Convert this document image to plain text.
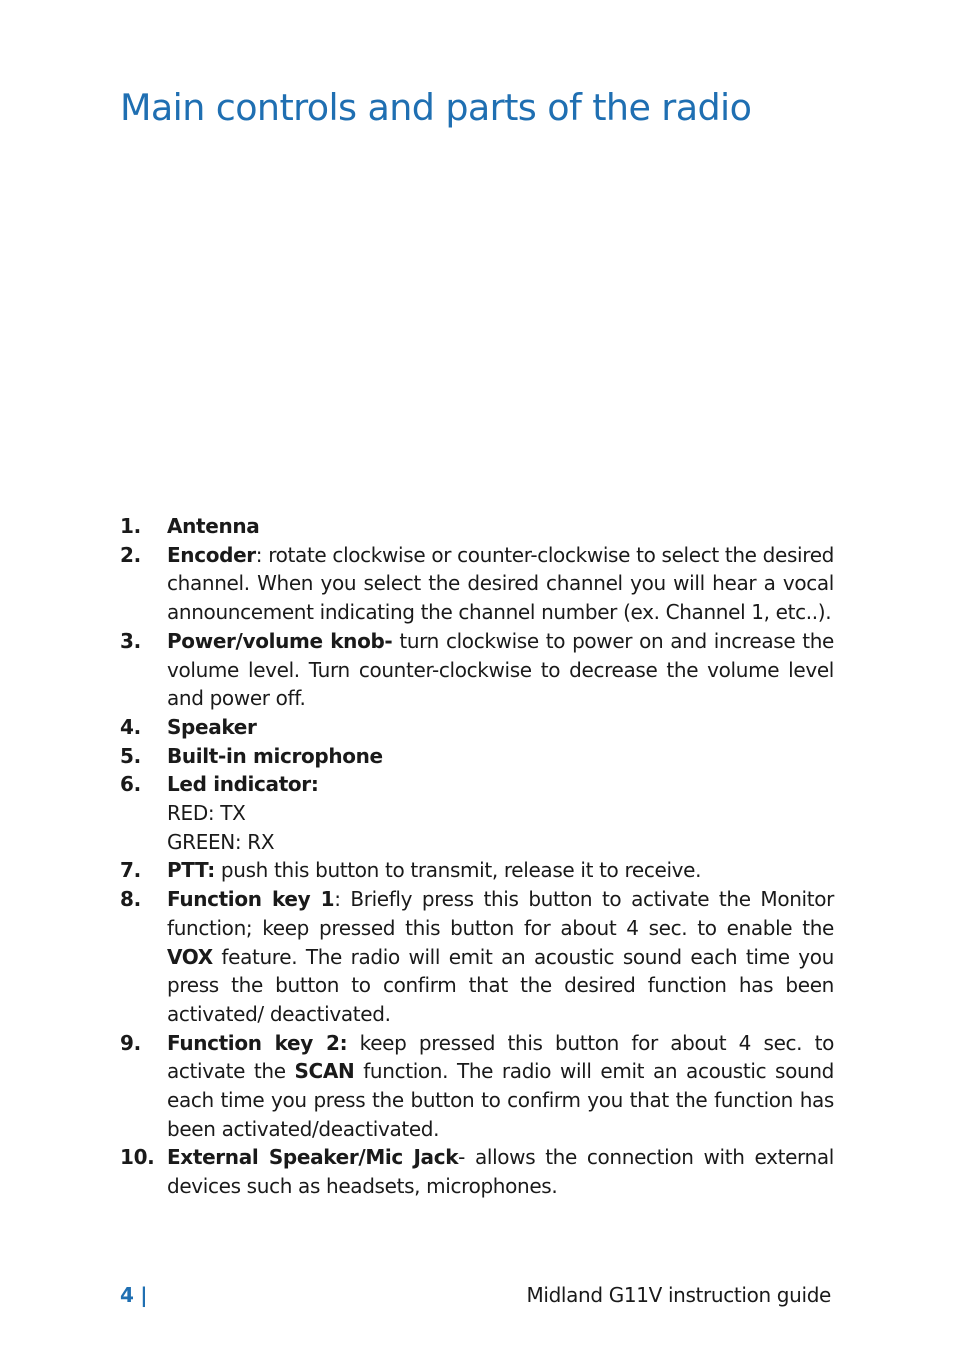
Main controls and parts of the radio
1.	Antenna
2.	Encoder: rotate clockwise or counter-clockwise to select the desired channel. When you select the desired channel you will hear a vocal announcement indicating the channel number (ex. Channel 1, etc..).
3.	Power/volume knob- turn clockwise to power on and increase the volume level. Turn counter-clockwise to decrease the volume level and power off.
4.	Speaker
5.	Built-in microphone
6.	Led indicator:
RED: TX
GREEN: RX
7.	PTT: push this button to transmit, release it to receive.
8.	Function key 1: Briefly press this button to activate the Monitor function; keep pressed this button for about 4 sec. to enable the VOX feature. The radio will emit an acoustic sound each time you press the button to confirm that the desired function has been activated/ deactivated.
9.	Function key 2: keep pressed this button for about 4 sec. to activate the SCAN function. The radio will emit an acoustic sound each time you press the button to confirm you that the function has been activated/deactivated.
10. External Speaker/Mic Jack- allows the connection with external devices such as headsets, microphones.
4 |	Midland G11V instruction guide
